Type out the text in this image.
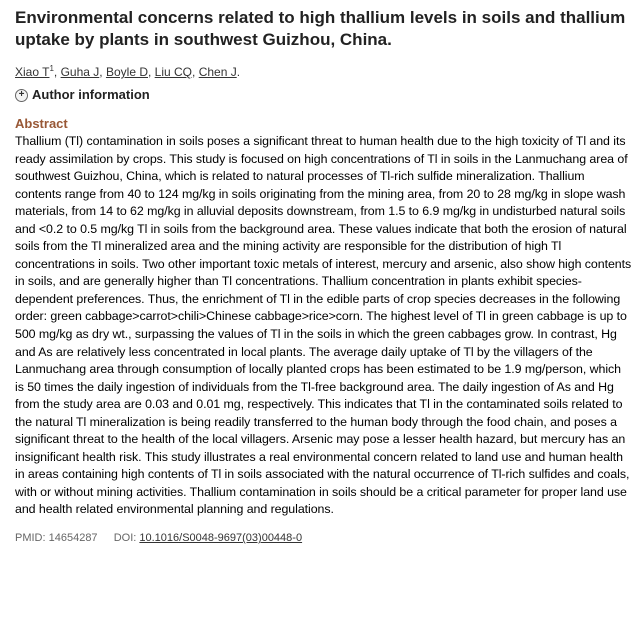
Environmental concerns related to high thallium levels in soils and thallium uptake by plants in southwest Guizhou, China.
Xiao $T^1$, Guha J, Boyle D, Liu CQ, Chen J.
+ Author information
Abstract

Thallium (Tl) contamination in soils poses a significant threat to human health due to the high toxicity of Tl and its ready assimilation by crops. This study is focused on high concentrations of Tl in soils in the Lanmuchang area of southwest Guizhou, China, which is related to natural processes of Tl-rich sulfide mineralization. Thallium contents range from 40 to 124 mg/kg in soils originating from the mining area, from 20 to 28 mg/kg in slope wash materials, from 14 to 62 mg/kg in alluvial deposits downstream, from 1.5 to 6.9 mg/kg in undisturbed natural soils and <0.2 to 0.5 mg/kg Tl in soils from the background area. These values indicate that both the erosion of natural soils from the Tl mineralized area and the mining activity are responsible for the distribution of high Tl concentrations in soils. Two other important toxic metals of interest, mercury and arsenic, also show high contents in soils, and are generally higher than Tl concentrations. Thallium concentration in plants exhibit species-dependent preferences. Thus, the enrichment of Tl in the edible parts of crop species decreases in the following order: green cabbage>carrot>chili>Chinese cabbage>rice>corn. The highest level of Tl in green cabbage is up to 500 mg/kg as dry wt., surpassing the values of Tl in the soils in which the green cabbages grow. In contrast, Hg and As are relatively less concentrated in local plants. The average daily uptake of Tl by the villagers of the Lanmuchang area through consumption of locally planted crops has been estimated to be 1.9 mg/person, which is 50 times the daily ingestion of individuals from the Tl-free background area. The daily ingestion of As and Hg from the study area are 0.03 and 0.01 mg, respectively. This indicates that Tl in the contaminated soils related to the natural Tl mineralization is being readily transferred to the human body through the food chain, and poses a significant threat to the health of the local villagers. Arsenic may pose a lesser health hazard, but mercury has an insignificant health risk. This study illustrates a real environmental concern related to land use and human health in areas containing high contents of Tl in soils associated with the natural occurrence of Tl-rich sulfides and coals, with or without mining activities. Thallium contamination in soils should be a critical parameter for proper land use and health related environmental planning and regulations.

PMID: 14654287 DOI: 10.1016/S0048-9697(03)00448-0
